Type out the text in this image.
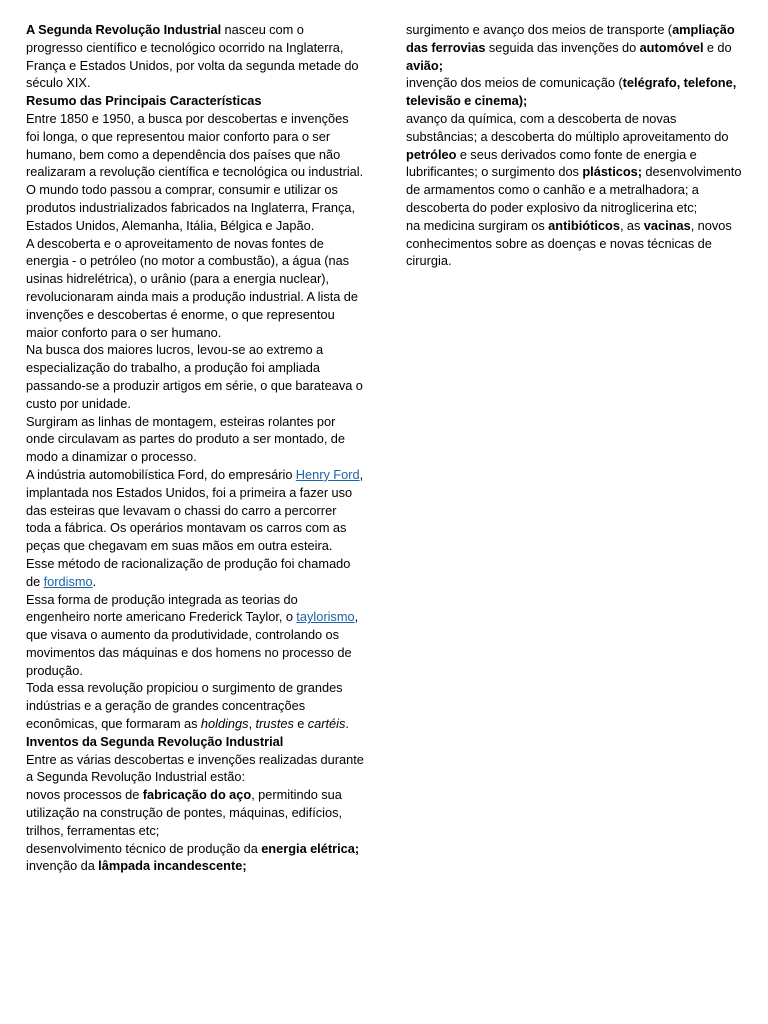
A Segunda Revolução Industrial nasceu com o progresso científico e tecnológico ocorrido na Inglaterra, França e Estados Unidos, por volta da segunda metade do século XIX.

Resumo das Principais Características

Entre 1850 e 1950, a busca por descobertas e invenções foi longa, o que representou maior conforto para o ser humano, bem como a dependência dos países que não realizaram a revolução científica e tecnológica ou industrial.

O mundo todo passou a comprar, consumir e utilizar os produtos industrializados fabricados na Inglaterra, França, Estados Unidos, Alemanha, Itália, Bélgica e Japão.

A descoberta e o aproveitamento de novas fontes de energia - o petróleo (no motor a combustão), a água (nas usinas hidrelétrica), o urânio (para a energia nuclear), revolucionaram ainda mais a produção industrial. A lista de invenções e descobertas é enorme, o que representou maior conforto para o ser humano.

Na busca dos maiores lucros, levou-se ao extremo a especialização do trabalho, a produção foi ampliada passando-se a produzir artigos em série, o que barateava o custo por unidade.

Surgiram as linhas de montagem, esteiras rolantes por onde circulavam as partes do produto a ser montado, de modo a dinamizar o processo.

A indústria automobilística Ford, do empresário Henry Ford, implantada nos Estados Unidos, foi a primeira a fazer uso das esteiras que levavam o chassi do carro a percorrer toda a fábrica. Os operários montavam os carros com as peças que chegavam em suas mãos em outra esteira. Esse método de racionalização de produção foi chamado de fordismo.

Essa forma de produção integrada as teorias do engenheiro norte americano Frederick Taylor, o taylorismo, que visava o aumento da produtividade, controlando os movimentos das máquinas e dos homens no processo de produção.

Toda essa revolução propiciou o surgimento de grandes indústrias e a geração de grandes concentrações econômicas, que formaram as holdings, trustes e cartéis.

Inventos da Segunda Revolução Industrial

Entre as várias descobertas e invenções realizadas durante a Segunda Revolução Industrial estão:

novos processos de fabricação do aço, permitindo sua utilização na construção de pontes, máquinas, edifícios, trilhos, ferramentas etc;

desenvolvimento técnico de produção da energia elétrica;

invenção da lâmpada incandescente;

surgimento e avanço dos meios de transporte (ampliação das ferrovias seguida das invenções do automóvel e do avião;

invenção dos meios de comunicação (telégrafo, telefone, televisão e cinema);

avanço da química, com a descoberta de novas substâncias; a descoberta do múltiplo aproveitamento do petróleo e seus derivados como fonte de energia e lubrificantes; o surgimento dos plásticos; desenvolvimento de armamentos como o canhão e a metralhadora; a descoberta do poder explosivo da nitroglicerina etc;

na medicina surgiram os antibióticos, as vacinas, novos conhecimentos sobre as doenças e novas técnicas de cirurgia.
